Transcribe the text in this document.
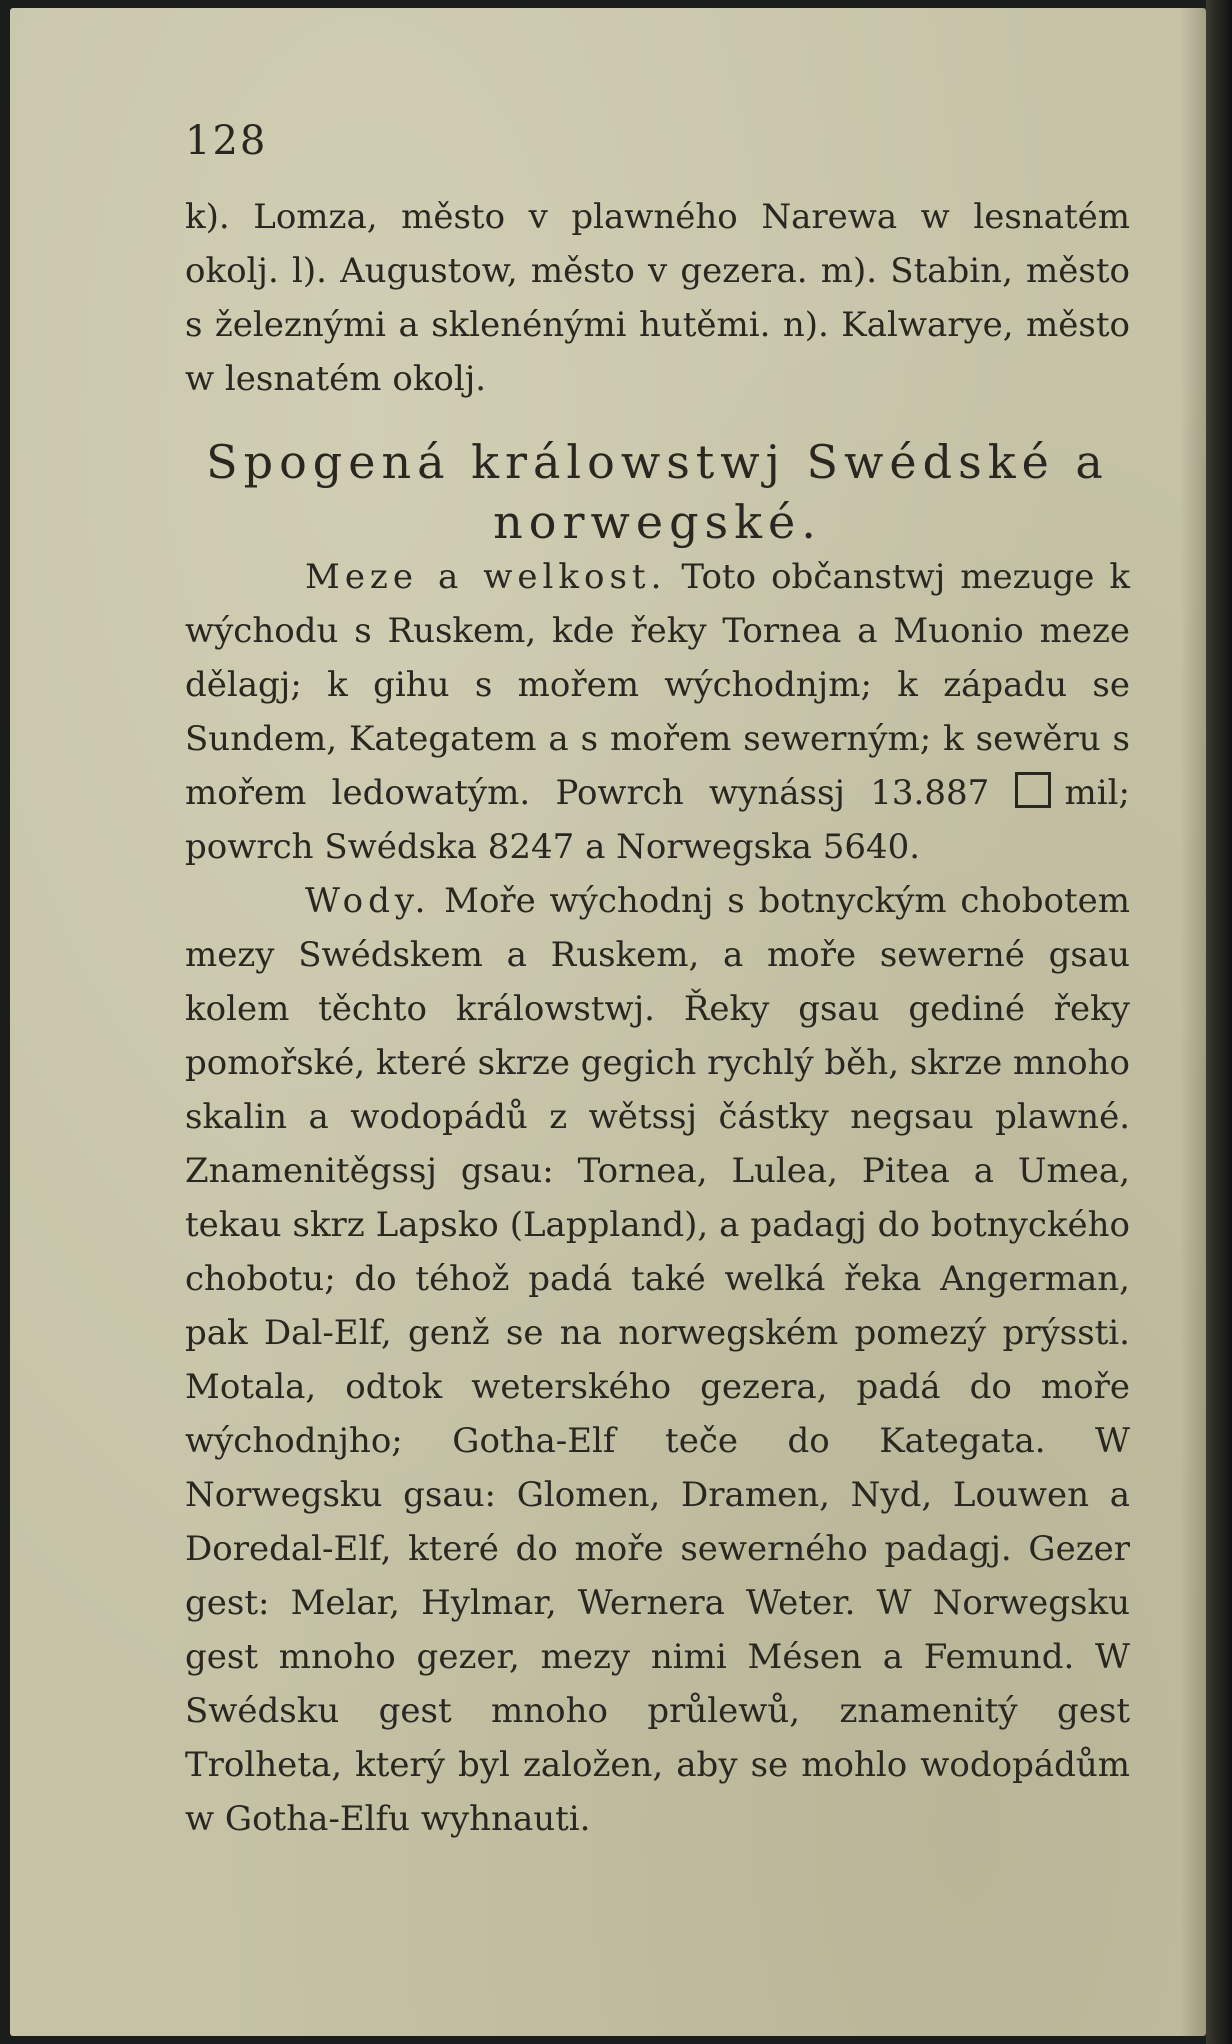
128
k). Lomza, město v plawného Narewa w lesnatém okolj. l). Augustow, město v gezera. m). Stabin, město s železnými a sklenénými hutěmi. n). Kalwarye, město w lesnatém okolj.
Spogená králowstwj Swédské a
norwegské.
Meze a welkost. Toto občanstwj mezuge k wýchodu s Ruskem, kde řeky Tornea a Muonio meze dělagj; k gihu s mořem wýchodnjm; k západu se Sundem, Kategatem a s mořem sewerným; k sewěru s mořem ledowatým. Powrch wynássj 13.887 mil; powrch Swédska 8247 a Norwegska 5640.
Wody. Moře wýchodnj s botnyckým chobotem mezy Swédskem a Ruskem, a moře sewerné gsau kolem těchto králowstwj. Řeky gsau gediné řeky pomořské, které skrze gegich rychlý běh, skrze mnoho skalin a wodopádů z wětssj částky negsau plawné. Znamenitěgssj gsau: Tornea, Lulea, Pitea a Umea, tekau skrz Lapsko (Lappland), a padagj do botnyckého chobotu; do téhož padá také welká řeka Angerman, pak Dal-Elf, genž se na norwegském pomezý prýssti. Motala, odtok weterského gezera, padá do moře wýchodnjho; Gotha-Elf teče do Kategata. W Norwegsku gsau: Glomen, Dramen, Nyd, Louwen a Doredal-Elf, které do moře sewerného padagj. Gezer gest: Melar, Hylmar, Wernera Weter. W Norwegsku gest mnoho gezer, mezy nimi Mésen a Femund. W Swédsku gest mnoho průlewů, znamenitý gest Trolheta, který byl založen, aby se mohlo wodopádům w Gotha-Elfu wyhnauti.
